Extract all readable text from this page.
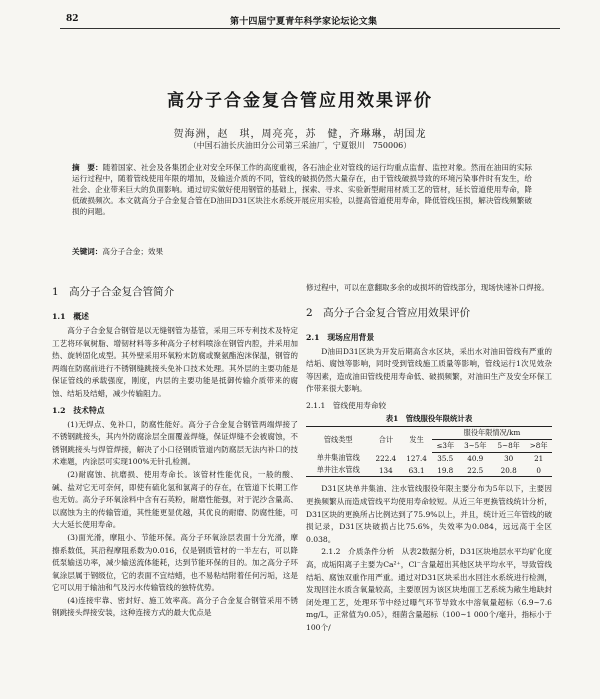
82	第十四届宁夏青年科学家论坛论文集
高分子合金复合管应用效果评价
贺海洲，赵　琪，周亮亮，苏　健，齐琳琳，胡国龙
（中国石油长庆油田分公司第三采油厂，宁夏银川　750006）
摘　要：随着国家、社会及各集团企业对安全环保工作的高度重视，各石油企业对管线的运行均重点监督、监控对象。然而在油田的实际运行过程中，随着管线使用年限的增加，及输送介质的不同，管线的破损仍然大量存在，由于管线破损导致的环境污染事件时有发生，给社会、企业带来巨大的负面影响。通过切实做好使用钢管的基础上，探索、寻求、实验新型耐用材质工艺的管材，延长管道使用寿命，降低破损频次。本文就高分子合金复合管在D油田D31区块注水系统开展应用实验，以提高管道使用寿命，降低管线压损，解决管线频繁破损的问题。
关键词：高分子合金；效果
1　高分子合金复合管简介
1.1　概述

高分子合金复合钢管是以无缝钢管为基管，采用三环专利技术及特定工艺将环氧树脂、增韧材料等多种高分子材料喷涂在钢管内腔，并采用加热、旋转固化成型。其外壁采用环氧粉末防腐或聚氨酯泡沫保温，钢管的两端在防腐前进行不锈钢缝跳接头免补口技术处理。其外层的主要功能是保证管线的承载强度，刚度，内层的主要功能是抵御传输介质带来的腐蚀、结垢及结蜡，减少传输阻力。

1.2　技术特点

(1)无焊点、免补口，防腐性能好。高分子合金复合钢管两端焊接了不锈钢跳接头，其内外防腐涂层全面覆盖焊缝，保证焊缝不会被腐蚀，不锈钢跳接头与焊管焊接，解决了小口径钢质管道内防腐层无法内补口的技术难题，内涂层可实现100%无针孔检测。

(2)耐腐蚀、抗磨损、使用寿命长。该管材性能优良，一般的酸、碱、盐对它无可奈何，即使有硫化氢和氯离子的存在，在管道下长期工作也无妨。高分子环氧涂料中含有石英粉，耐磨性能强，对于泥沙含量高、以腐蚀为主的传输管道，其性能更显优越，其优良的耐磨、防腐性能，可大大延长使用寿命。

(3)面光滑，摩阻小、节能环保。高分子环氧涂层表面十分光滑，摩擦系数低，其沿程摩阻系数为0.016，仅是钢质管材的一半左右，可以降低泵输送功率，减少输送流体能耗，达到节能环保的目的。加之高分子环氧涂层属于钢级位，它的表面不宜结蜡，也不易粘结附着任何污垢，这是它可以用于输油和气及污水传输管线的独特优势。

(4)连接牢靠、密封好、施工效率高。高分子合金复合钢管采用不锈钢跳接头焊接安装，这种连接方式的最大优点是

修过程中，可以在意翻取多余的或损坏的管线部分，现场快速补口焊接。

2　高分子合金复合管应用效果评价
2.1　现场应用背景

D油田D31区块为开发后期高含水区块，采出水对油田管线有严重的结垢、腐蚀等影响，同时受到管线施工质量等影响，管线运行1次见效杂等因素，造成油田管线使用寿命低、破损频繁，对油田生产及安全环保工作带来很大影响。

2.1.1　管线使用寿命较
表1　管线服役年限统计表
管线类型	合计	发生	服役年限情况/km			
			≤3年	3~5年	5~8年	>8年
单井集油管线	222.4	127.4	35.5	40.9	30	21
单井注水管线	134	63.1	19.8	22.5	20.8	0

D31区块单井集油、注水管线服役年限主要分布为5年以下，主要因更换频繁从而造成管线平均使用寿命较短。从近三年更换管线统计分析，D31区块的更换所占比例达到了75.9%以上，并且，统计近三年管线的破损记录，D31区块破损占比75.6%，失效率为0.084，远远高于全区0.038。

2.1.2　介质条件分析　从表2数据分析，D31区块地层水平均矿化度高，成垢阳离子主要为Ca²⁺，Cl⁻含量超出其他区块平均水平，导致管线结垢、腐蚀双重作用严重。通过对D31区块采出水回注水系统进行检测，发现回注水质含氧量较高，主要原因为该区块地面工艺系统为敞生地缺封闭处理工艺，处理环节中经过曝气环节导致水中溶氧量超标（6.9~7.6 mg/L，正常值为0.05），细菌含量超标（100~1 000个/毫升，指标小于100个/
